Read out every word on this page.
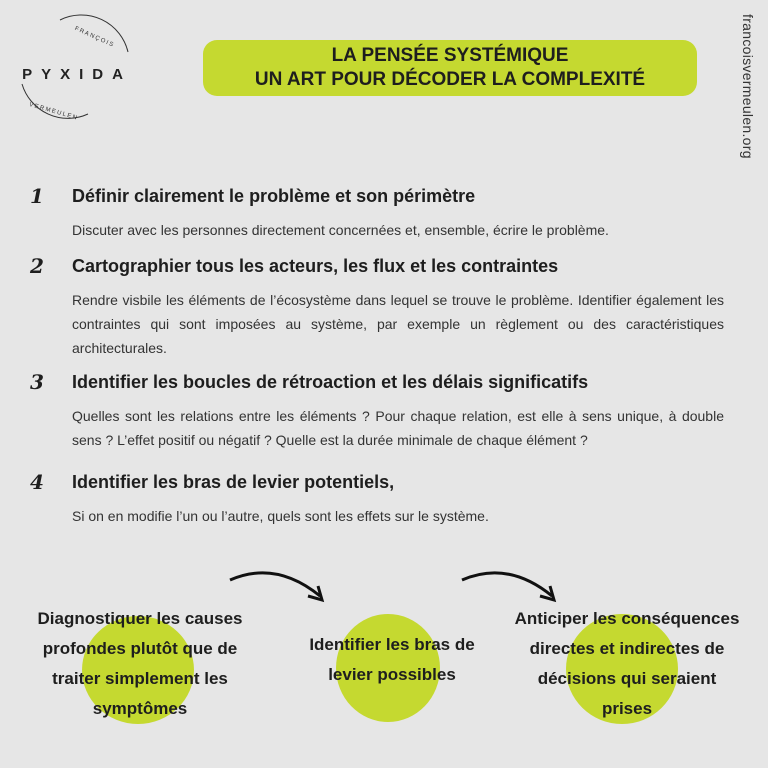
FRANÇOIS
PYXIDA
VERMEULEN	francoisvermeulen.org
LA PENSÉE SYSTÉMIQUE
UN ART POUR DÉCODER LA COMPLEXITÉ
1	Définir clairement le problème et son périmètre
Discuter avec les personnes directement concernées et, ensemble, écrire le problème.
2	Cartographier tous les acteurs, les flux et les contraintes
Rendre visbile les éléments de l’écosystème dans lequel se trouve le problème. Identifier également les contraintes qui sont imposées au système, par exemple un règlement ou des caractéristiques architecturales.
3	Identifier les boucles de rétroaction et les délais significatifs
Quelles sont les relations entre les éléments ? Pour chaque relation, est elle à sens unique, à double sens ? L’effet positif ou négatif ? Quelle est la durée minimale de chaque élément ?
4	Identifier les bras de levier potentiels,
Si on en modifie l’un ou l’autre, quels sont les effets sur le système.
Diagnostiquer les causes profondes plutôt que de traiter simplement les symptômes
Identifier les bras de levier possibles
Anticiper les conséquences directes et indirectes de décisions qui seraient prises
